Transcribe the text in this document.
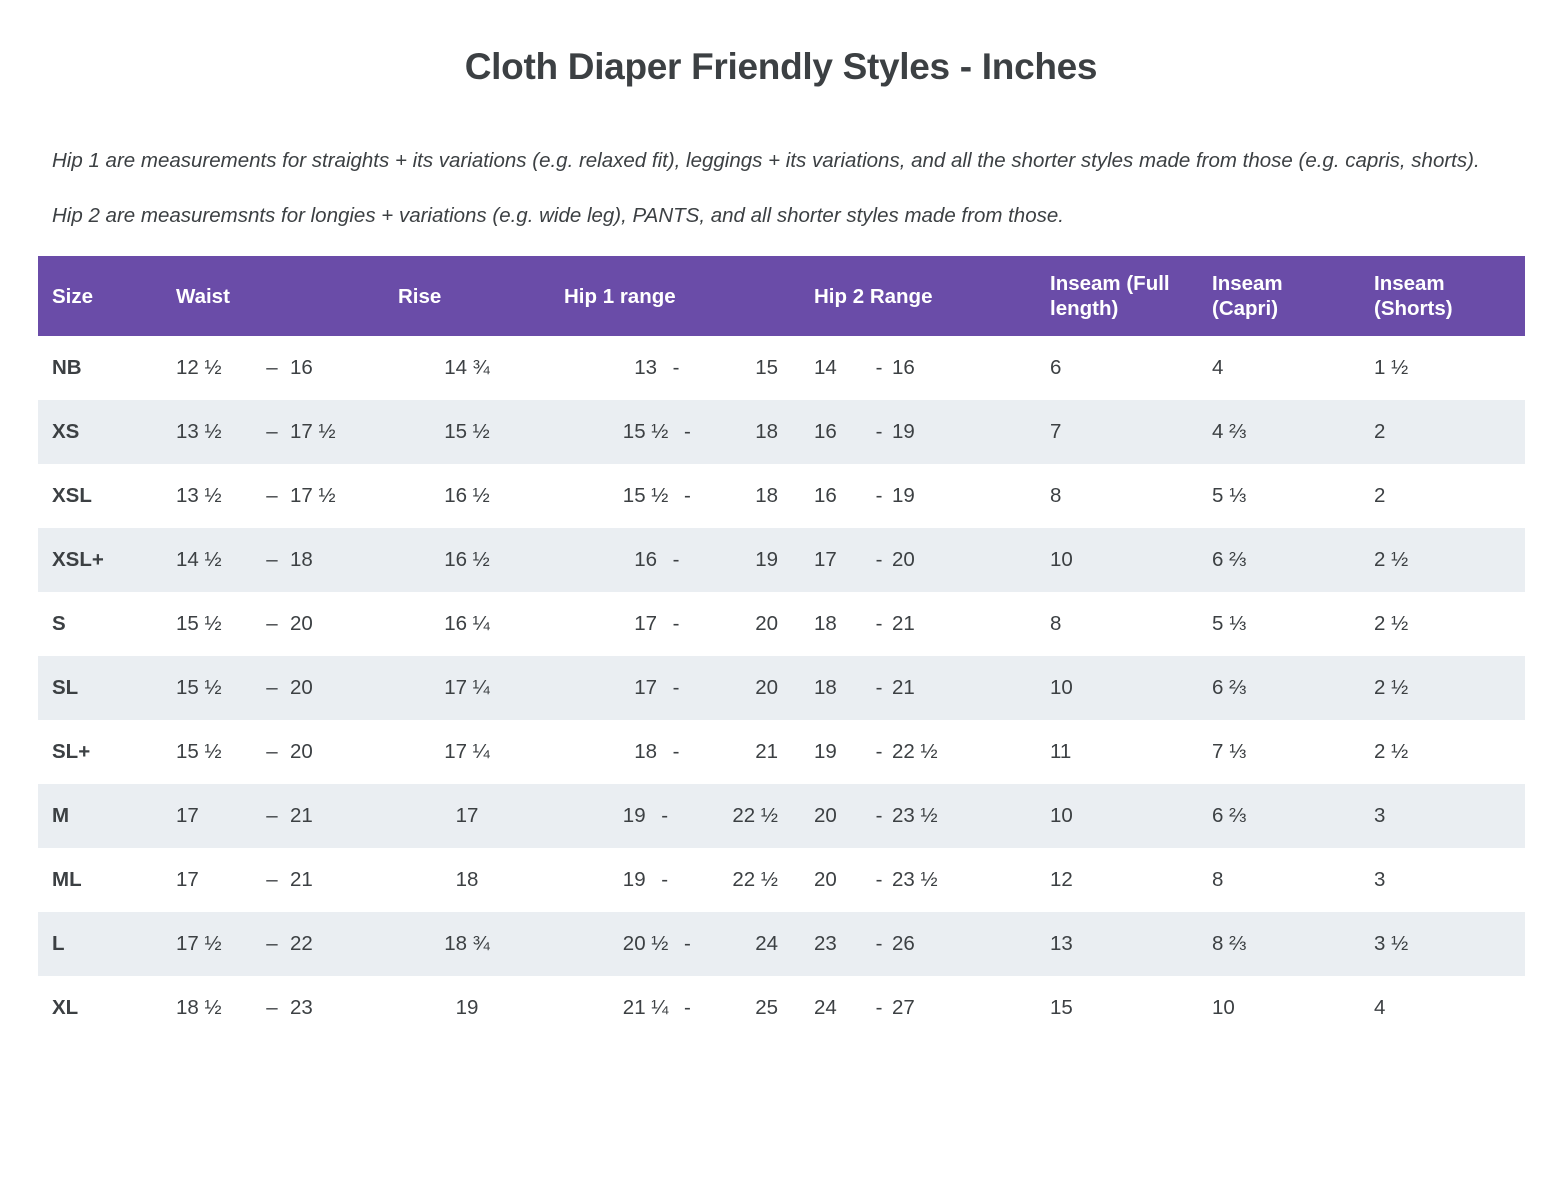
Cloth Diaper Friendly Styles - Inches

Hip 1 are measurements for straights + its variations (e.g. relaxed fit), leggings + its variations, and all the shorter styles made from those (e.g. capris, shorts).

Hip 2 are measuremsnts for longies + variations (e.g. wide leg), PANTS, and all shorter styles made from those.

Size	Waist	Rise	Hip 1 range	Hip 2 Range	Inseam (Full length)	Inseam (Capri)	Inseam (Shorts)
NB	12 ½ – 16	14 ¾	13 - 15	14 - 16	6	4	1 ½
XS	13 ½ – 17 ½	15 ½	15 ½ - 18	16 - 19	7	4 ⅔	2
XSL	13 ½ – 17 ½	16 ½	15 ½ - 18	16 - 19	8	5 ⅓	2
XSL+	14 ½ – 18	16 ½	16 - 19	17 - 20	10	6 ⅔	2 ½
S	15 ½ – 20	16 ¼	17 - 20	18 - 21	8	5 ⅓	2 ½
SL	15 ½ – 20	17 ¼	17 - 20	18 - 21	10	6 ⅔	2 ½
SL+	15 ½ – 20	17 ¼	18 - 21	19 - 22 ½	11	7 ⅓	2 ½
M	17 – 21	17	19 - 22 ½	20 - 23 ½	10	6 ⅔	3
ML	17 – 21	18	19 - 22 ½	20 - 23 ½	12	8	3
L	17 ½ – 22	18 ¾	20 ½ - 24	23 - 26	13	8 ⅔	3 ½
XL	18 ½ – 23	19	21 ¼ - 25	24 - 27	15	10	4
